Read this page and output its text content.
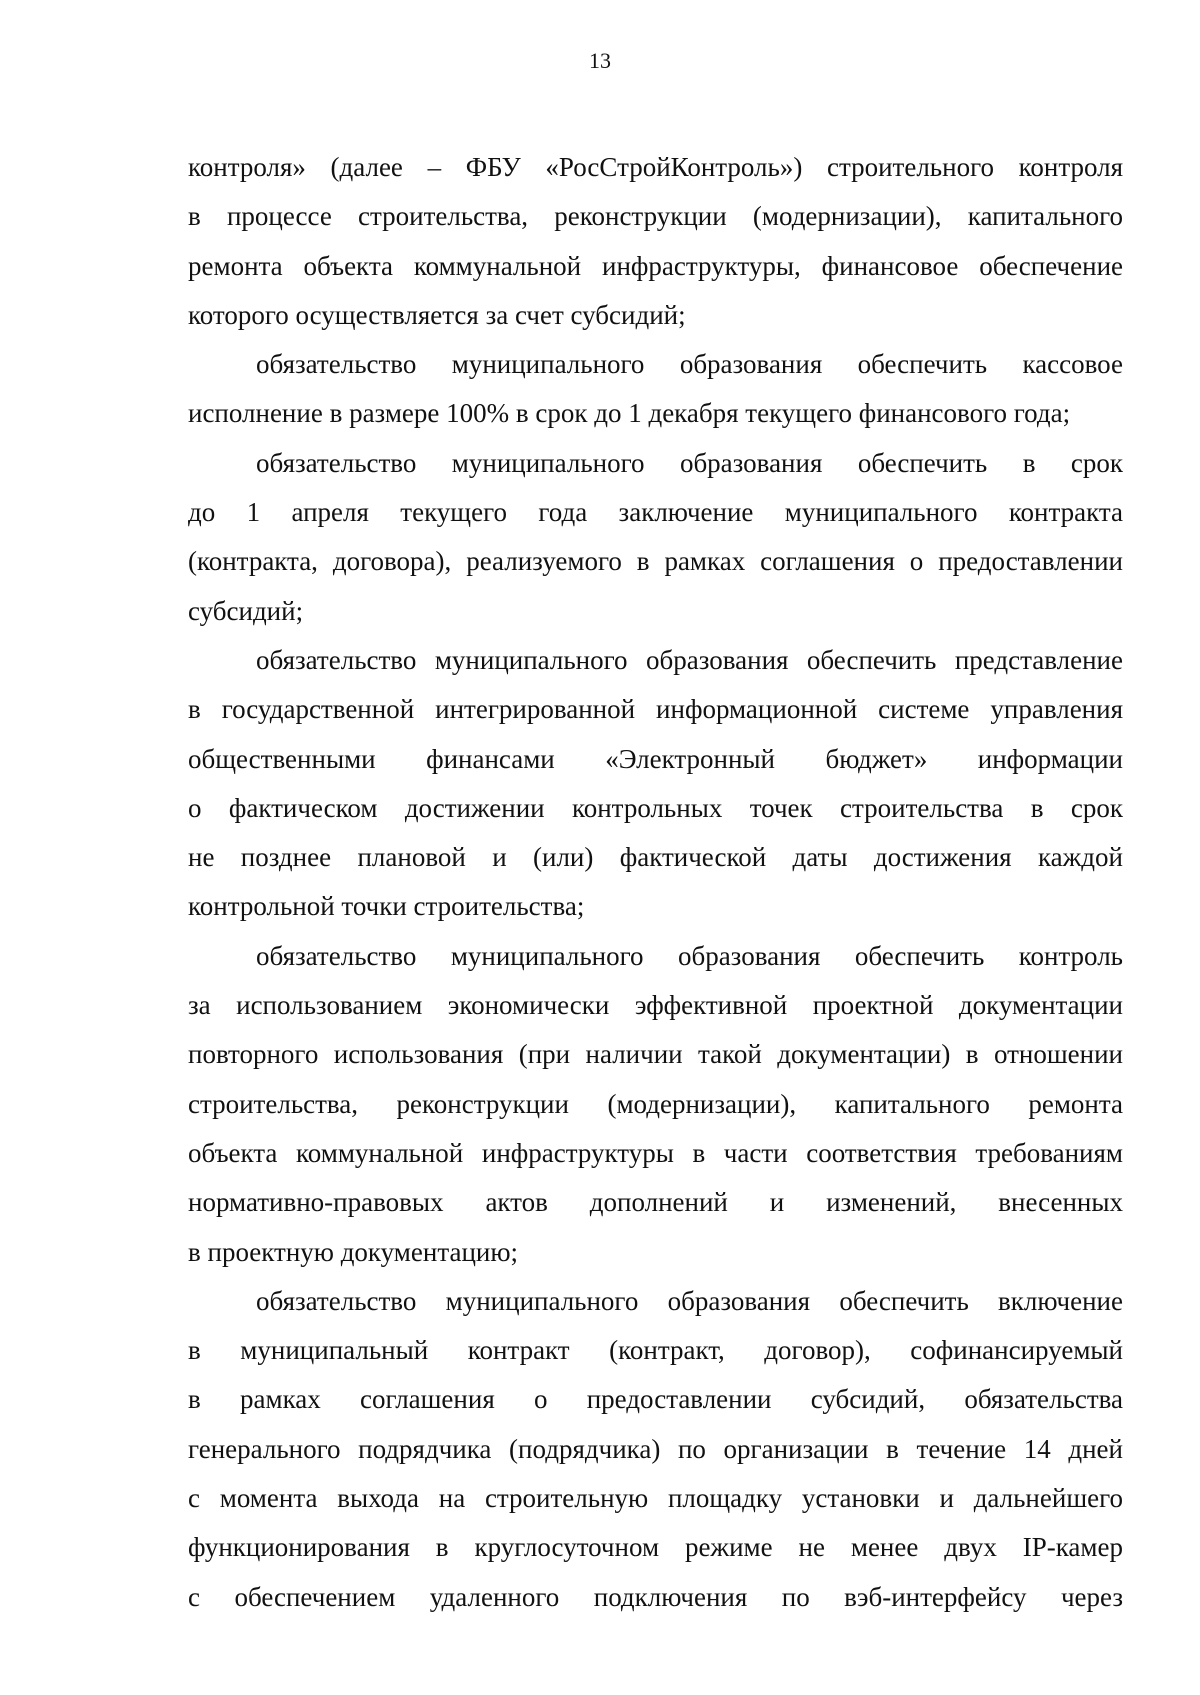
13
контроля» (далее – ФБУ «РосСтройКонтроль») строительного контроля
в процессе строительства, реконструкции (модернизации), капитального
ремонта объекта коммунальной инфраструктуры, финансовое обеспечение
которого осуществляется за счет субсидий;
обязательство муниципального образования обеспечить кассовое
исполнение в размере 100% в срок до 1 декабря текущего финансового года;
обязательство муниципального образования обеспечить в срок
до 1 апреля текущего года заключение муниципального контракта
(контракта, договора), реализуемого в рамках соглашения о предоставлении
субсидий;
обязательство муниципального образования обеспечить представление
в государственной интегрированной информационной системе управления
общественными финансами «Электронный бюджет» информации
о фактическом достижении контрольных точек строительства в срок
не позднее плановой и (или) фактической даты достижения каждой
контрольной точки строительства;
обязательство муниципального образования обеспечить контроль
за использованием экономически эффективной проектной документации
повторного использования (при наличии такой документации) в отношении
строительства, реконструкции (модернизации), капитального ремонта
объекта коммунальной инфраструктуры в части соответствия требованиям
нормативно-правовых актов дополнений и изменений, внесенных
в проектную документацию;
обязательство муниципального образования обеспечить включение
в муниципальный контракт (контракт, договор), софинансируемый
в рамках соглашения о предоставлении субсидий, обязательства
генерального подрядчика (подрядчика) по организации в течение 14 дней
с момента выхода на строительную площадку установки и дальнейшего
функционирования в круглосуточном режиме не менее двух IP-камер
с обеспечением удаленного подключения по вэб-интерфейсу через
